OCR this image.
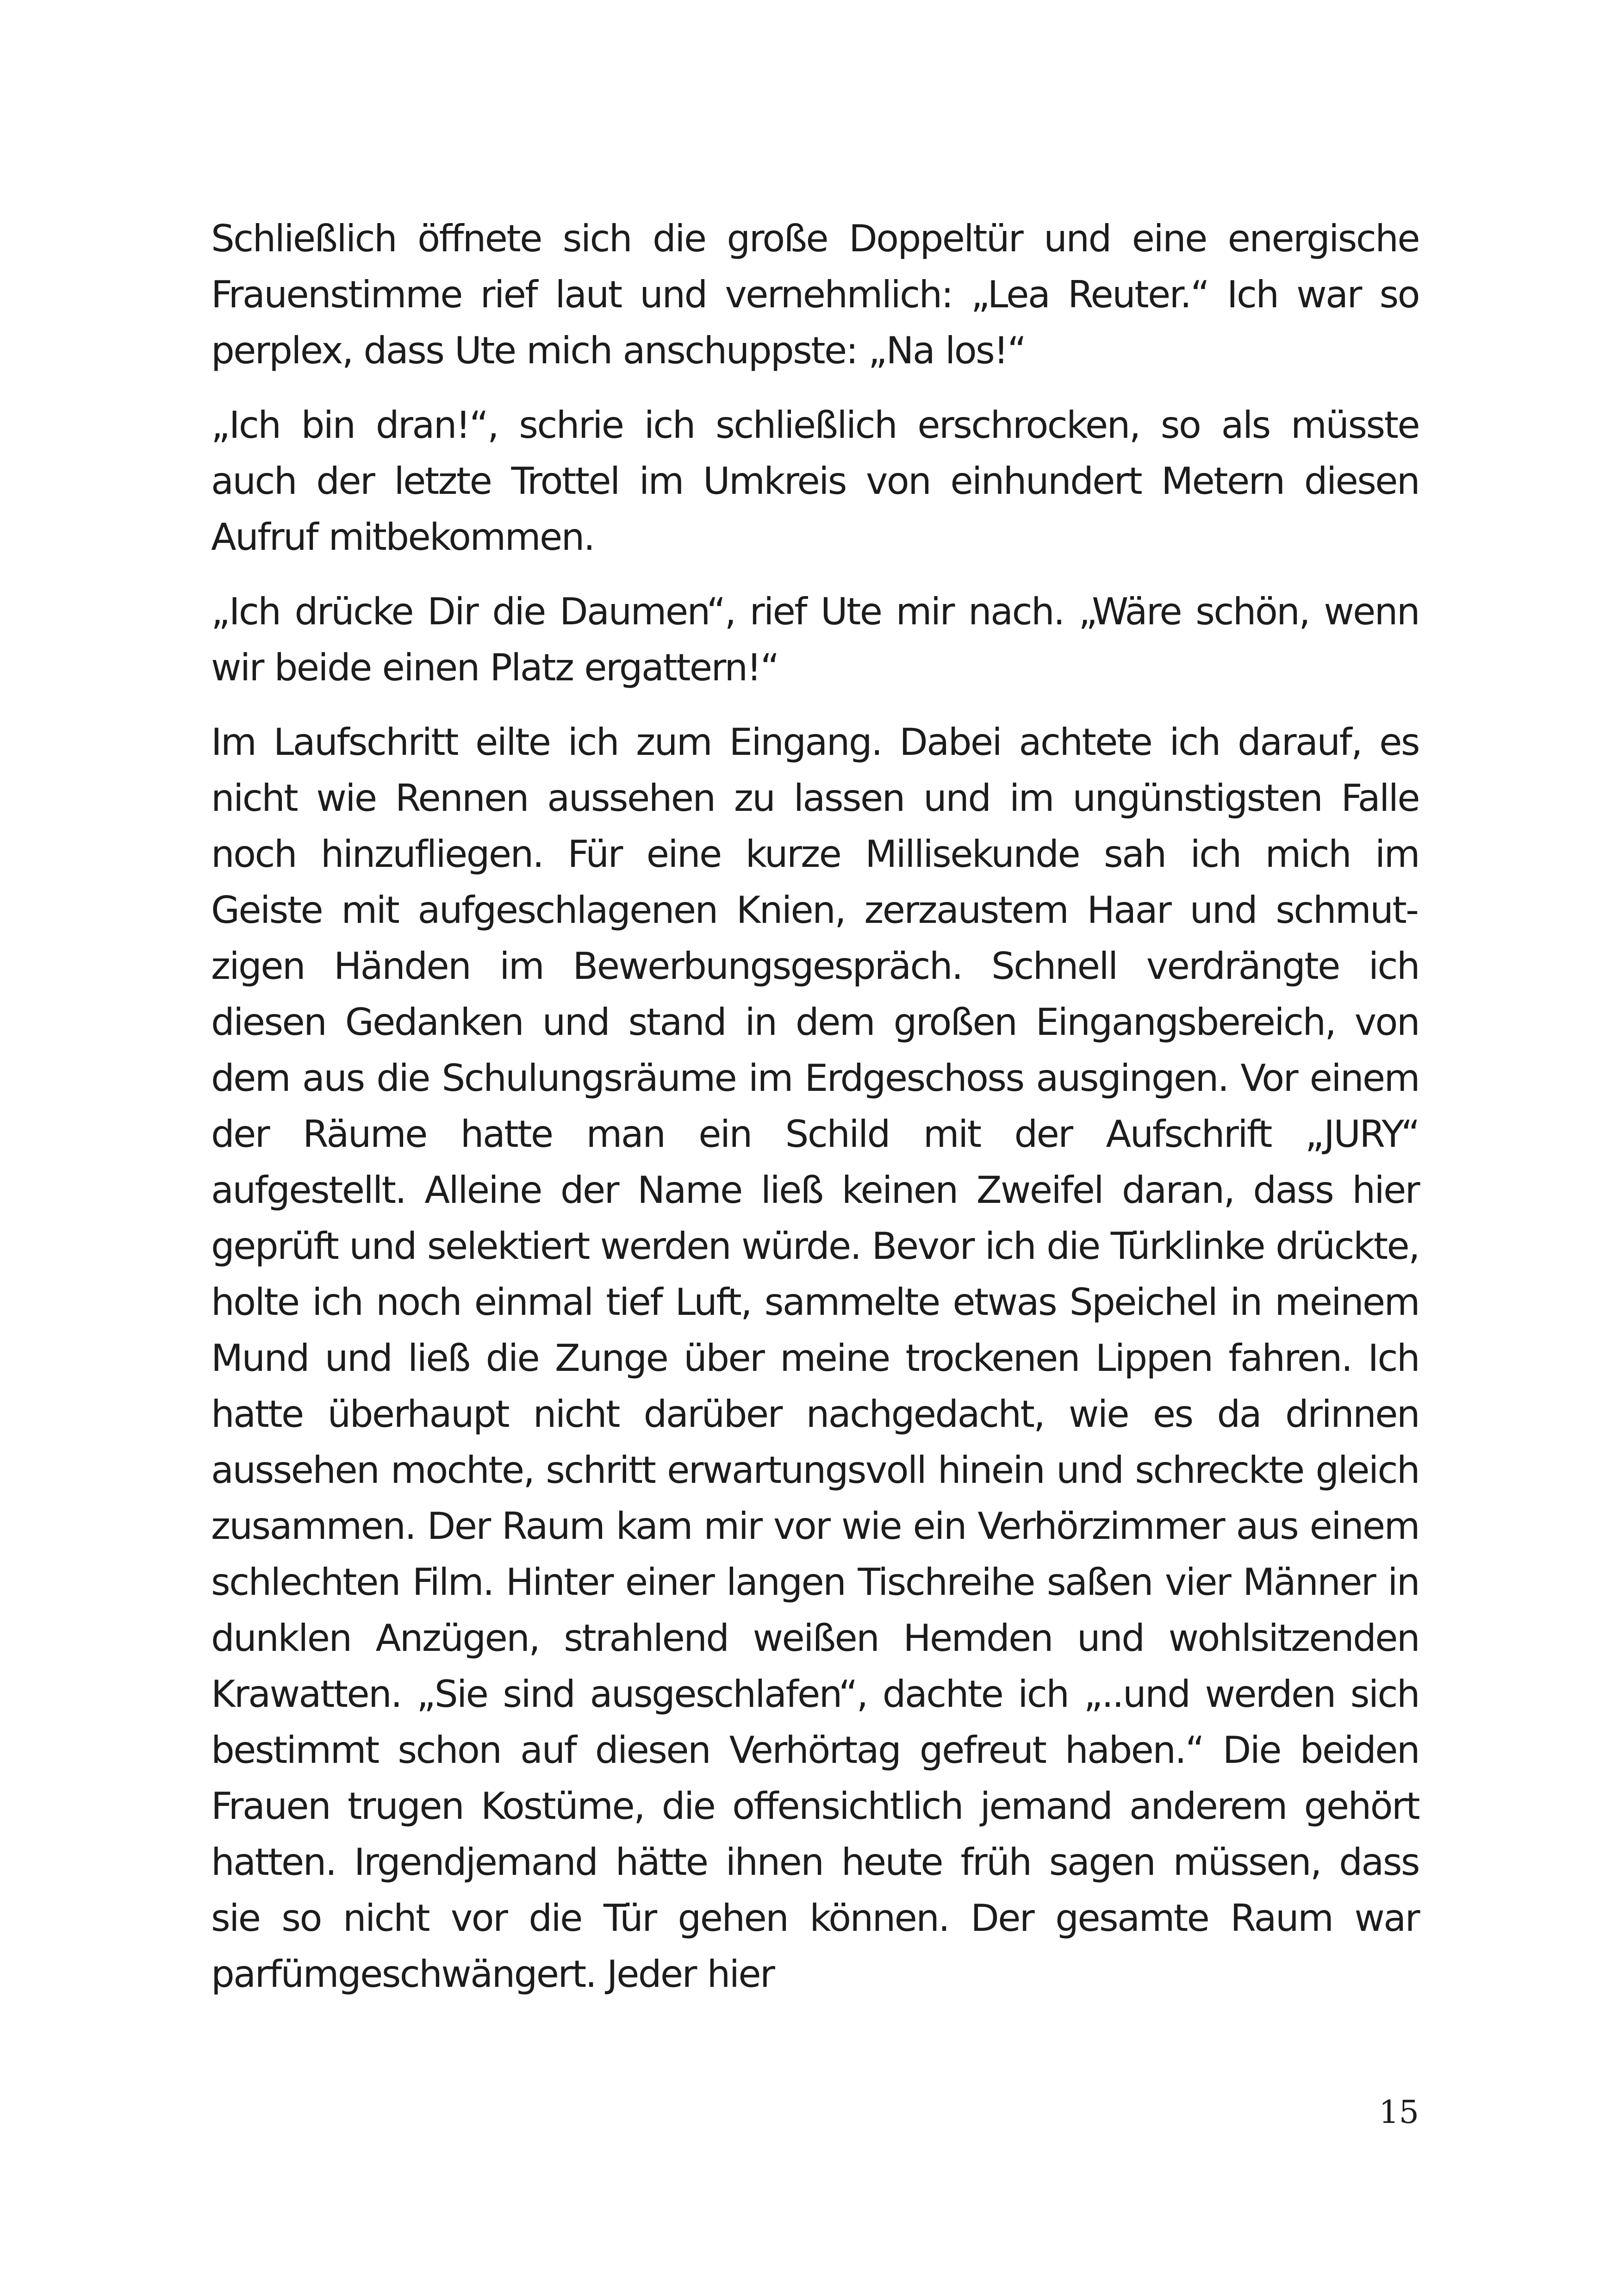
Schließlich öffnete sich die große Doppeltür und eine energische Frauenstimme rief laut und vernehmlich: „Lea Reuter.“ Ich war so perplex, dass Ute mich anschuppste: „Na los!“

„Ich bin dran!“, schrie ich schließlich erschrocken, so als müsste auch der letzte Trottel im Umkreis von einhundert Metern diesen Aufruf mitbekommen.

„Ich drücke Dir die Daumen“, rief Ute mir nach. „Wäre schön, wenn wir beide einen Platz ergattern!“

Im Laufschritt eilte ich zum Eingang. Dabei achtete ich darauf, es nicht wie Rennen aussehen zu lassen und im ungünstigsten Falle noch hinzufliegen. Für eine kurze Millisekunde sah ich mich im Geiste mit aufgeschlagenen Knien, zerzaustem Haar und schmutzigen Händen im Bewerbungsgespräch. Schnell verdrängte ich diesen Gedanken und stand in dem großen Eingangsbereich, von dem aus die Schulungsräume im Erdgeschoss ausgingen. Vor einem der Räume hatte man ein Schild mit der Aufschrift „JURY“ aufgestellt. Alleine der Name ließ keinen Zweifel daran, dass hier geprüft und selektiert werden würde. Bevor ich die Türklinke drückte, holte ich noch einmal tief Luft, sammelte etwas Speichel in meinem Mund und ließ die Zunge über meine trockenen Lippen fahren. Ich hatte überhaupt nicht darüber nachgedacht, wie es da drinnen aussehen mochte, schritt erwartungsvoll hinein und schreckte gleich zusammen. Der Raum kam mir vor wie ein Verhörzimmer aus einem schlechten Film. Hinter einer langen Tischreihe saßen vier Männer in dunklen Anzügen, strahlend weißen Hemden und wohlsitzenden Krawatten. „Sie sind ausgeschlafen“, dachte ich „..und werden sich bestimmt schon auf diesen Verhörtag gefreut haben.“ Die beiden Frauen trugen Kostüme, die offensichtlich jemand anderem gehört hatten. Irgendjemand hätte ihnen heute früh sagen müssen, dass sie so nicht vor die Tür gehen können. Der gesamte Raum war parfümgeschwängert. Jeder hier

15
